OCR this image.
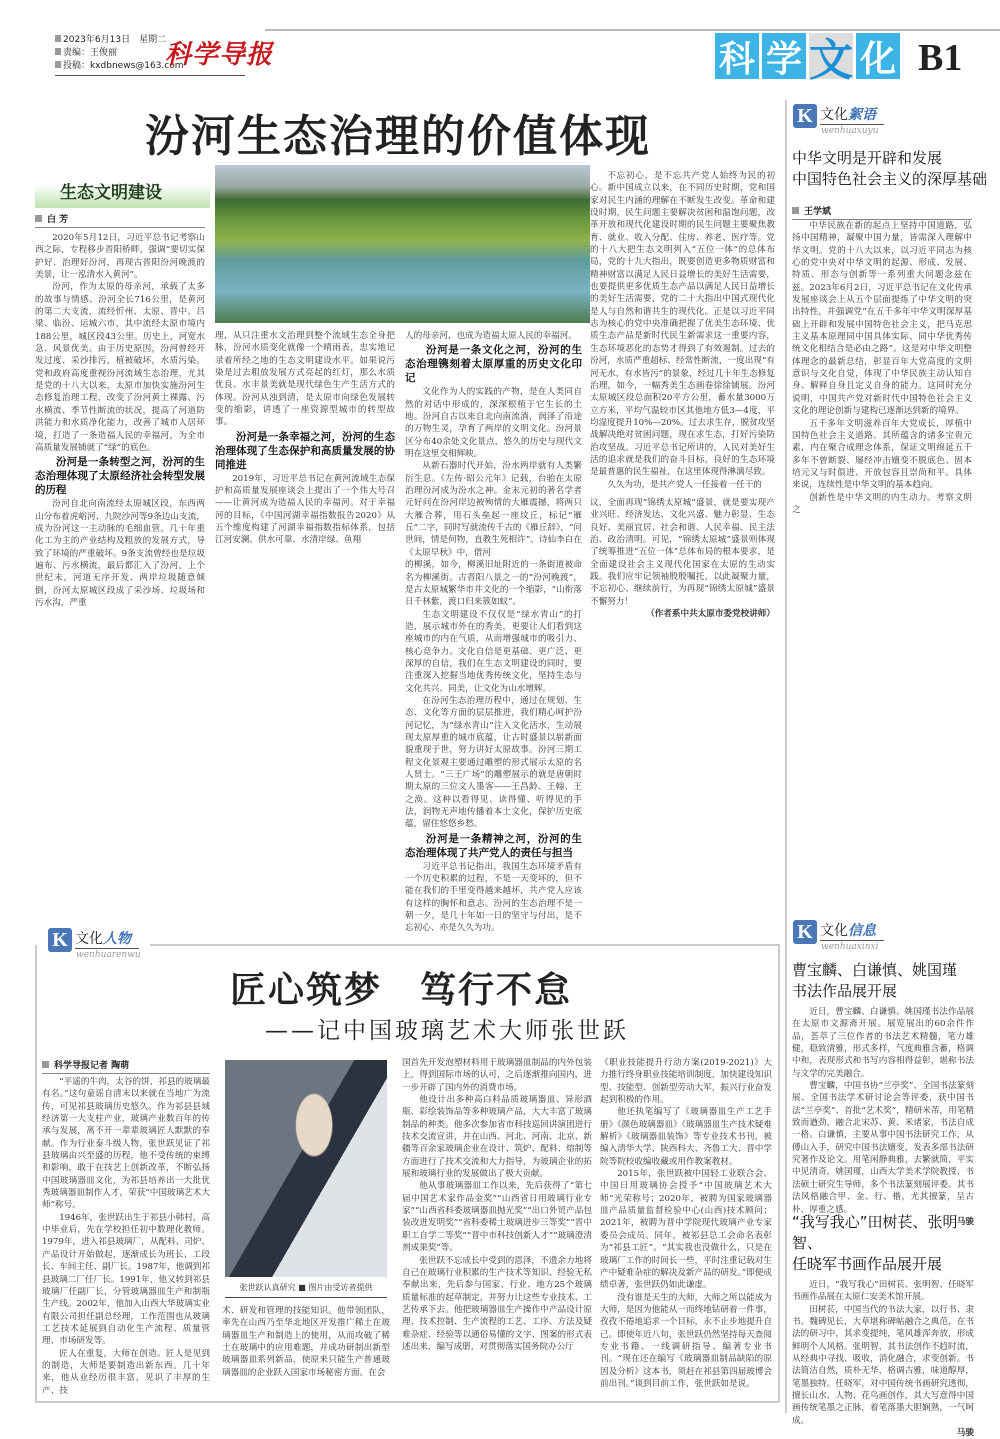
2023年6月13日　星期二
责编：王俊丽
投稿：kxdbnews@163.com
科学导报	科 学 文 化 B1
汾河生态治理的价值体现
生态文明建设
白 芳

2020年5月12日，习近平总书记考察山西之际，专程移步晋阳桥畔，强调“要切实保护好、治理好汾河，再现古晋阳汾河晚渡的美景，让一泓清水入黄河”。

汾河，作为太原的母亲河，承载了太多的故事与情感。汾河全长716公里，是黄河的第二大支流，流经忻州、太原、晋中、吕梁、临汾、运城六市，其中流经太原市境内188公里，城区段43公里。历史上，河宽水急、风景优美。由于历史原因，汾河曾经开发过度、采沙排污，植被破坏，水质污染。党和政府高度重视汾河流域生态治理，尤其是党的十八大以来，太原市加快实施汾河生态修复治理工程，改变了汾河黄土裸露、污水横流、季节性断流的状况，提高了河道防洪能力和水质净化能力，改善了城市人居环境，打造了一条造福人民的幸福河，为全市高质量发展铺就了“绿”的底色。

汾河是一条转型之河，汾河的生态治理体现了太原经济社会转型发展的历程

汾河自北向南流经太原城区段，东西两山分布着虎峪河、九院沙河等9条边山支流，成为汾河这一主动脉的毛细血管。几十年重化工为主的产业结构及粗放的发展方式，导致了环境的严重破坏。9条支流曾经也是垃圾遍布、污水横流，最后都汇入了汾河。上个世纪末，河道无序开发、两岸垃圾随意倾倒，汾河太原城区段成了采沙场、垃圾场和污水沟，严重

理，从只注重水文治理到整个流域生态全身把脉，汾河水质变化就像一个晴雨表，忠实地记录着所经之地的生态文明建设水平。如果说污染是过去粗放发展方式亮起的红灯，那么水质优良、水丰景美就是现代绿色生产生活方式的体现。汾河从浊到清，是太原市向绿色发展转变的缩影，讲透了一座资源型城市的转型故事。

汾河是一条幸福之河，汾河的生态治理体现了生态保护和高质量发展的协同推进

2019年，习近平总书记在黄河流域生态保护和高质量发展座谈会上提出了一个伟大号召——让黄河成为造福人民的幸福河。对于幸福河的目标，《中国河湖幸福指数报告2020》从五个维度构建了河湖幸福指数指标体系，包括江河安澜、供水可靠、水清岸绿、鱼翔

人的母亲河，也成为造福太原人民的幸福河。

汾河是一条文化之河，汾河的生态治理镌刻着太原厚重的历史文化印记

文化作为人的实践的产物，是在人类同自然的对话中形成的，深深根植于它生长的土地。汾河自古以来自北向南流淌，润泽了沿途的万物生灵，孕育了两岸的文明文化。汾河景区分布40余处文化景点，悠久的历史与现代文明在这里交相辉映。

从新石器时代开始，汾水两岸就有人类繁衍生息。《左传·昭公元年》记载，台骀在太原治理汾河成为汾水之神。金末元初的著名学者元好问在汾河岸边被殉情的大雁震撼，将两只大雁合葬，用石头垒起一座坟丘，标记“雁丘”二字，同时写就流传千古的《雁丘辞》，“问世间，情是何物，直教生死相许”。诗仙李白在《太原早秋》中，借河

的柳溪，如今，柳溪旧址附近的一条街道被命名为柳溪街。古晋阳八景之一的“汾河晚渡”，是古太原城繁华市井文化的一个缩影，“山衔落日千林紫，渡口归来簇如蚁”。

生态文明建设不仅仅是“绿水青山”的打造，展示城市外在的秀美，更要让人们看到这座城市的内在气质，从而增强城市的吸引力、核心竞争力。文化自信是更基础、更广泛、更深厚的自信，我们在生态文明建设的同时，要注重深入挖掘当地优秀传统文化，坚持生态与文化共兴、同美，让文化为山水增辉。

在汾河生态治理历程中，通过在规划、生态、文化等方面的层层推进，我们精心呵护汾河记忆，为“绿水青山”注入文化活水，生动展现太原厚重的城市底蕴，让古时盛景以崭新面貌重现于世，努力讲好太原故事。汾河三期工程文化景观主要通过雕塑的形式展示太原的名人贤士。“三王广场”的雕塑展示的就是唐朝时期太原的三位文人墨客——王昌龄、王翰、王之涣。这种以看得见、读得懂、听得见的手法，润物无声地传播着本土文化，保护历史底蕴，留住悠悠乡愁。

汾河是一条精神之河，汾河的生态治理体现了共产党人的责任与担当

习近平总书记指出，我国生态环境矛盾有一个历史积累的过程，不是一天变坏的，但不能在我们的手里变得越来越坏，共产党人应该有这样的胸怀和意志。汾河的生态治理不是一朝一夕，是几十年如一日的坚守与付出，是不忘初心、亦是久久为功。

不忘初心，是不忘共产党人始终为民的初心。新中国成立以来，在不同历史时期，党和国家对民生内涵的理解在不断发生改变。革命和建设时期，民生问题主要解决贫困和温饱问题，改革开放和现代化建设时期的民生问题主要聚焦教育、就业、收入分配、住房、养老、医疗等。党的十八大把生态文明列入“五位一体”的总体布局，党的十九大指出，既要创造更多物质财富和精神财富以满足人民日益增长的美好生活需要，也要提供更多优质生态产品以满足人民日益增长的美好生活需要，党的二十大指出中国式现代化是人与自然和谐共生的现代化。正是以习近平同志为核心的党中央准确把握了优美生态环境、优质生态产品是新时代民生新需求这一重要内容，生态环境恶化的态势才得到了有效遏制。过去的汾河，水质严重超标、经常性断流，一度出现“有河无水，有水皆污”的景象，经过几十年生态修复治理，如今，一幅秀美生态画卷徐徐铺展。汾河太原城区段总面积20平方公里，蓄水量3000万立方米，平均气温较市区其他地方低3—4度，平均湿度提升10%—20%。过去求生存，脱贫攻坚战解决绝对贫困问题，现在求生态，打好污染防治攻坚战。习近平总书记所讲的，人民对美好生活的追求就是我们的奋斗目标，良好的生态环境是最普惠的民生福祉，在这里体现得淋漓尽致。

久久为功，是共产党人一任接着一任干的

议，全面再现“锦绣太原城”盛景，就是要实现产业兴旺、经济发达、文化兴盛、魅力彰显、生态良好、美丽宜居、社会和谐、人民幸福、民主法治、政治清明。可见，“锦绣太原城”盛景则体现了统筹推进“五位一体”总体布局的根本要求，是全面建设社会主义现代化国家在太原的生动实践。我们应牢记领袖殷殷嘱托，以此凝聚力量，不忘初心、继续前行，为再现“锦绣太原城”盛景不懈努力！

（作者系中共太原市委党校讲师）

K 文化絮语
wenhuaxuyu
中华文明是开辟和发展
中国特色社会主义的深厚基础
王学斌

中华民族在新的起点上坚持中国道路，弘扬中国精神，凝聚中国力量，皆需深入理解中华文明。党的十八大以来，以习近平同志为核心的党中央对中华文明的起源、形成、发展、特质、形态与创新等一系列重大问题念兹在兹。2023年6月2日，习近平总书记在文化传承发展座谈会上从五个层面提炼了中华文明的突出特性，并强调党“在五千多年中华文明深厚基础上开辟和发展中国特色社会主义，把马克思主义基本原理同中国具体实际、同中华优秀传统文化相结合是必由之路”。这是对中华文明整体理念的最新总结，彰显百年大党高度的文明意识与文化自觉，体现了中华民族主动认知自身、解释自身且定义自身的能力。这同时充分说明，中国共产党对新时代中国特色社会主义文化的理论创新与建构已逐渐达到新的境界。

五千多年文明滋养百年大党成长，厚植中国特色社会主义道路。其所蕴含的诸多宝贵元素，内在聚合成理念体系，保证文明绵延五千多年不曾断裂、屡经冲击嬗变不脱底色、固本培元又与时俱进、开放包容且崇尚和平。具体来说，连续性是中华文明的基本趋向。

创新性是中华文明的内生动力。考察文明之

K 文化信息
wenhuaxinxi
曹宝麟、白谦慎、姚国瑾
书法作品展开展

近日，曹宝麟、白谦慎、姚国瑾书法作品展在太原市文源斋开展。展览展出的60余件作品，荟萃了三位作者的书法艺术精髓，笔力雄健，稳致清雅，形式多样，气度典雅含蓄，格调中和，表现形式和书写内容相得益彰，堪称书法与文学的完美融合。

曹宝麟，中国书协“兰亭奖”、全国书法篆刻展、全国书法学术研讨论会等评委，获中国书法“兰亭奖”、首批“艺术奖”，精研米芾，用笔精致而遒劲，融合北宋苏、黄、米诸家，书法自成一格。白谦慎，主要从事中国书法研究工作，从傅山入手，研究中国书法嬗变，发表多部书法研究著作及论文。用笔闲静典雅，去繁就简，平实中见清奇。姚国瑾，山西大学美术学院教授、书法硕士研究生导师，多个书法篆刻展评委。其书法风格融合甲、金、行、楷，尤其擅篆，呈古朴、厚重之感。

马骏
“我写我心”田树苌、张明智、
任晓军书画作品展开展

近日，“我写我心”田树苌、张明智、任晓军书画作品展在太原仁安美术馆开展。

田树苌，中国当代的书法大家，以行书、隶书、魏碑见长，大草堪称碑帖融合之典范，在书法的研习中，其求变提纯，笔风雄浑奔放，形成鲜明个人风格。张明智，其书法创作不趋时流，从经典中寻找、吸收，消化融合，求变创新。书法简洁自然，质朴无华，格调古雅，味道醇厚，笔墨独特。任晓军，对中国传统书画研究透彻，擅长山水、人物、花鸟画创作，其大写意得中国画传统笔墨之正脉，着笔落墨大胆娴熟，一气呵成。

马骏
K 文化人物
wenhuarenwu
匠心筑梦　笃行不怠
——记中国玻璃艺术大师张世跃
科学导报记者 陶萌

“平遥的牛肉，太谷的饼，祁县的玻璃最有名。”这句童谣自清末以来就在当地广为流传，可见祁县玻璃历史悠久。作为祁县县域经济第一大支柱产业，玻璃产业数百年的传承与发展，离不开一辈辈玻璃匠人默默的奉献。作为行业泰斗级人物，张世跃见证了祁县玻璃由兴至盛的历程，他不受传统的束缚和影响，敢于在技艺上创新改革，不断弘扬中国玻璃器皿文化，为祁县培养出一大批优秀玻璃器皿制作人才，荣获“中国玻璃艺术大师”称号。

1946年，张世跃出生于祁县小韩村，高中毕业后，先在学校担任初中数理化教师。1979年，进入祁县玻璃厂，从配料、司炉、产品设计开始做起，逐渐成长为班长、工段长、车间主任、副厂长。1987年，他调到祁县玻璃二厂任厂长。1991年，他又转到祁县玻璃厂任副厂长，分管玻璃器皿生产和制瓶生产线。2002年，他加入山西大华玻璃实业有限公司担任副总经理，工作范围也从玻璃工艺技术延展到自动化生产流程、质量管理、市场研发等。

匠人在重复，大师在创造。匠人是见到的制造，大师是要制造出新东西。几十年来，他从业经历很丰富，见识了丰厚的生产、技

张世跃认真研究 ■ 图片由受访者提供

术、研发和管理的技能知识。他带领团队，率先在山西乃至华北地区开发推广稀土在玻璃器皿生产和制造上的使用，从而攻破了稀土在玻璃中的应用难题，并成功研制出新型玻璃器皿系列新品，使原来只能生产普通玻璃器皿的企业跃入国家市场秘密方面。在会

国首先开发泡塑材料用于玻璃器皿制品的内外包装上，得到国际市场的认可，之后逐渐推向国内，进一步开辟了国内外的消费市场。

他设计出多种高白料品质玻璃器皿、异形酒瓶、彩绘装饰品等多种玻璃产品，大大丰富了玻璃制品的种类。他多次参加省市科技巡回讲演团进行技术交流宣讲，并在山西、河北、河南、北京、新疆等百余家玻璃企业在设计、筑炉、配料、熔制等方面进行了技术交流和大力指导，为玻璃企业的拓展和玻璃行业的发展做出了极大贡献。

他从事玻璃器皿工作以来，先后获得了“第七届中国艺术家作品金奖”“山西省日用玻璃行业专家”“山西省科委玻璃器皿抛光奖”“出口外贸产品包装改进发明奖”“省科委稀土玻璃进步三等奖”“晋中职工自学二等奖”“晋中市科技创新人才”“玻璃澄清剂成果奖”等。

张世跃不忘成长中受到的恩泽，不遗余力地将自己在玻璃行业积累的生产技术等知识、经验无私奉献出来，先后参与国家、行业、地方25个玻璃质量标准的起草制定，并努力让这些专业技术、工艺传承下去。他把玻璃器皿生产操作中产品设计原理、技术控制、生产流程的工艺、工序、方法及疑难杂症、经验等以通俗易懂的文字、图案的形式表述出来，编写成册，对贯彻落实国务院办公厅

《职业技能提升行动方案(2019-2021)》大力推行终身职业技能培训制度，加快建设知识型、技能型、创新型劳动大军，振兴行业奋发起到积极的作用。

他还执笔编写了《玻璃器皿生产工艺手册》《颜色玻璃器皿》《玻璃器皿生产技术疑难解析》《玻璃器皿装饰》等专业技术书刊，被编入清华大学、陕西科大、齐鲁工大、晋中学院等院校收编收藏或用作教案教材。

2015年，张世跃被中国轻工业联合会、中国日用玻璃协会授予“中国玻璃艺术大师”光荣称号；2020年，被聘为国家玻璃器皿产品质量监督检验中心(山西)技术顾问；2021年，被聘为晋中学院现代玻璃产业专家委员会成员。同年，被祁县总工会命名表彰为“祁县工匠”。“其实我也没做什么，只是在玻璃厂工作的时间长一些，平时注重记载对生产中疑难杂症的解决及新产品的研发。”即便成绩卓著，张世跃仍如此谦虚。

没有谁是天生的大师，大师之所以能成为大师，是因为他能从一而终地钻研着一件事，孜孜不倦地追求一个目标，永不止步地提升自己。即使年近八旬，张世跃仍然坚持每天查阅专业书籍、一线调研指导、编著专业书刊。“现在还在编写《玻璃器皿制品缺陷的原因及分析》这本书，须赶在祁县第四届玻博会前出刊。”谈到目前工作，张世跃如是说。
